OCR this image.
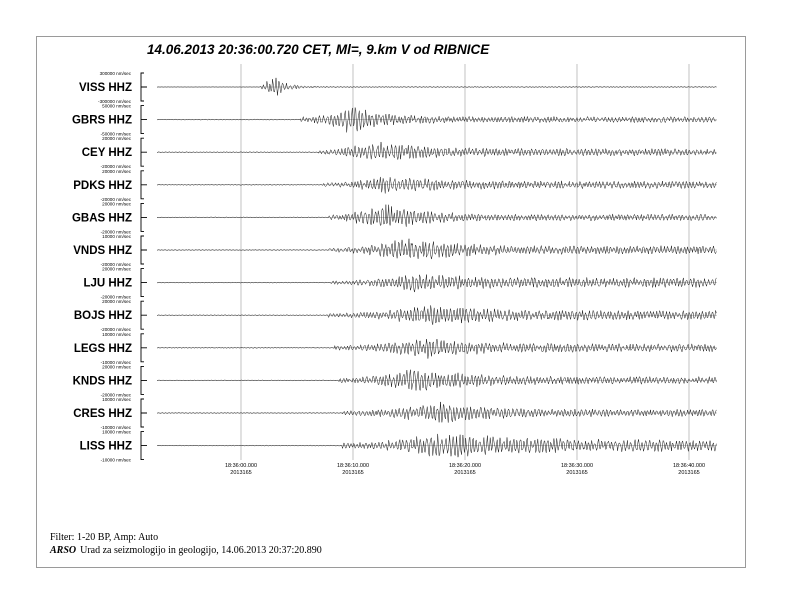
14.06.2013 20:36:00.720 CET, Ml=, 9.km V od RIBNICE
18:36:00.000
2013165
18:36:10.000
2013165
18:36:20.000
2013165
18:36:30.000
2013165
18:36:40.000
2013165
300000 nm/sec
-300000 nm/sec
VISS HHZ
50000 nm/sec
-50000 nm/sec
GBRS HHZ
20000 nm/sec
-20000 nm/sec
CEY HHZ
20000 nm/sec
-20000 nm/sec
PDKS HHZ
20000 nm/sec
-20000 nm/sec
GBAS HHZ
10000 nm/sec
-20000 nm/sec
VNDS HHZ
20000 nm/sec
-20000 nm/sec
LJU HHZ
20000 nm/sec
-20000 nm/sec
BOJS HHZ
10000 nm/sec
-10000 nm/sec
LEGS HHZ
20000 nm/sec
-20000 nm/sec
KNDS HHZ
10000 nm/sec
-10000 nm/sec
CRES HHZ
10000 nm/sec
-10000 nm/sec
LISS HHZ
Filter: 1-20 BP, Amp: Auto
ARSO Urad za seizmologijo in geologijo, 14.06.2013 20:37:20.890
